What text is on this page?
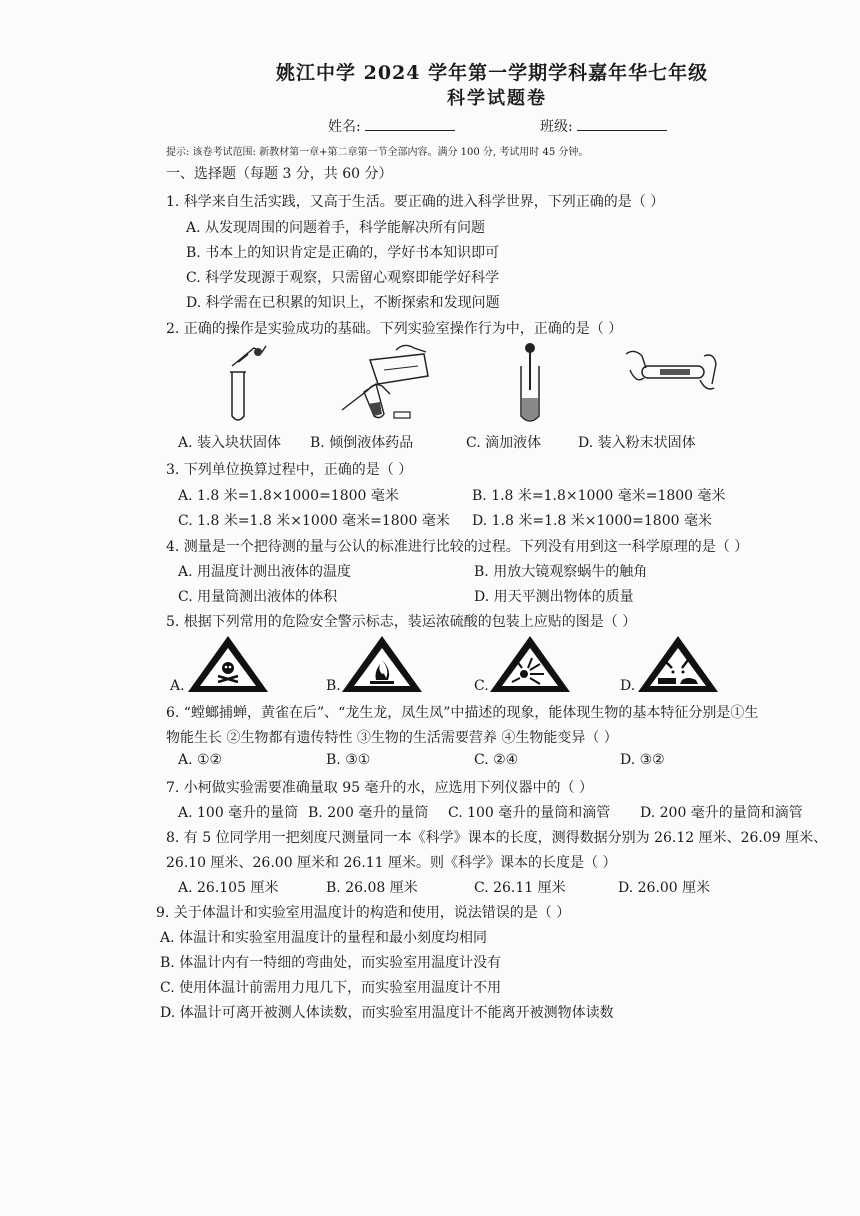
姚江中学 2024 学年第一学期学科嘉年华七年级
科学试题卷
姓名:	班级:
提示: 该卷考试范围: 新教材第一章+第二章第一节全部内容。满分 100 分, 考试用时 45 分钟。
一、选择题（每题 3 分，共 60 分）
1. 科学来自生活实践，又高于生活。要正确的进入科学世界，下列正确的是（ ）
A. 从发现周围的问题着手，科学能解决所有问题
B. 书本上的知识肯定是正确的，学好书本知识即可
C. 科学发现源于观察，只需留心观察即能学好科学
D. 科学需在已积累的知识上，不断探索和发现问题
2. 正确的操作是实验成功的基础。下列实验室操作行为中，正确的是（ ）
A. 装入块状固体 B. 倾倒液体药品	C. 滴加液体	D. 装入粉末状固体
3. 下列单位换算过程中，正确的是（ ）
A. 1.8 米=1.8×1000=1800 毫米	B. 1.8 米=1.8×1000 毫米=1800 毫米
C. 1.8 米=1.8 米×1000 毫米=1800 毫米 D. 1.8 米=1.8 米×1000=1800 毫米
4. 测量是一个把待测的量与公认的标准进行比较的过程。下列没有用到这一科学原理的是（ ）
A. 用温度计测出液体的温度	B. 用放大镜观察蜗牛的触角
C. 用量筒测出液体的体积	D. 用天平测出物体的质量
5. 根据下列常用的危险安全警示标志，装运浓硫酸的包装上应贴的图是（ ）
A.	B.	C.	D.
6. “螳螂捕蝉，黄雀在后”、“龙生龙，凤生凤”中描述的现象，能体现生物的基本特征分别是①生
物能生长 ②生物都有遗传特性 ③生物的生活需要营养 ④生物能变异（ ）
A. ①②	B. ③①	C. ②④	D. ③②
7. 小柯做实验需要准确量取 95 毫升的水，应选用下列仪器中的（ ）
A. 100 毫升的量筒 B. 200 毫升的量筒 C. 100 毫升的量筒和滴管 D. 200 毫升的量筒和滴管
8. 有 5 位同学用一把刻度尺测量同一本《科学》课本的长度，测得数据分别为 26.12 厘米、26.09 厘米、
26.10 厘米、26.00 厘米和 26.11 厘米。则《科学》课本的长度是（ ）
A. 26.105 厘米	B. 26.08 厘米	C. 26.11 厘米	D. 26.00 厘米
9. 关于体温计和实验室用温度计的构造和使用，说法错误的是（ ）
A. 体温计和实验室用温度计的量程和最小刻度均相同
B. 体温计内有一特细的弯曲处，而实验室用温度计没有
C. 使用体温计前需用力甩几下，而实验室用温度计不用
D. 体温计可离开被测人体读数，而实验室用温度计不能离开被测物体读数
